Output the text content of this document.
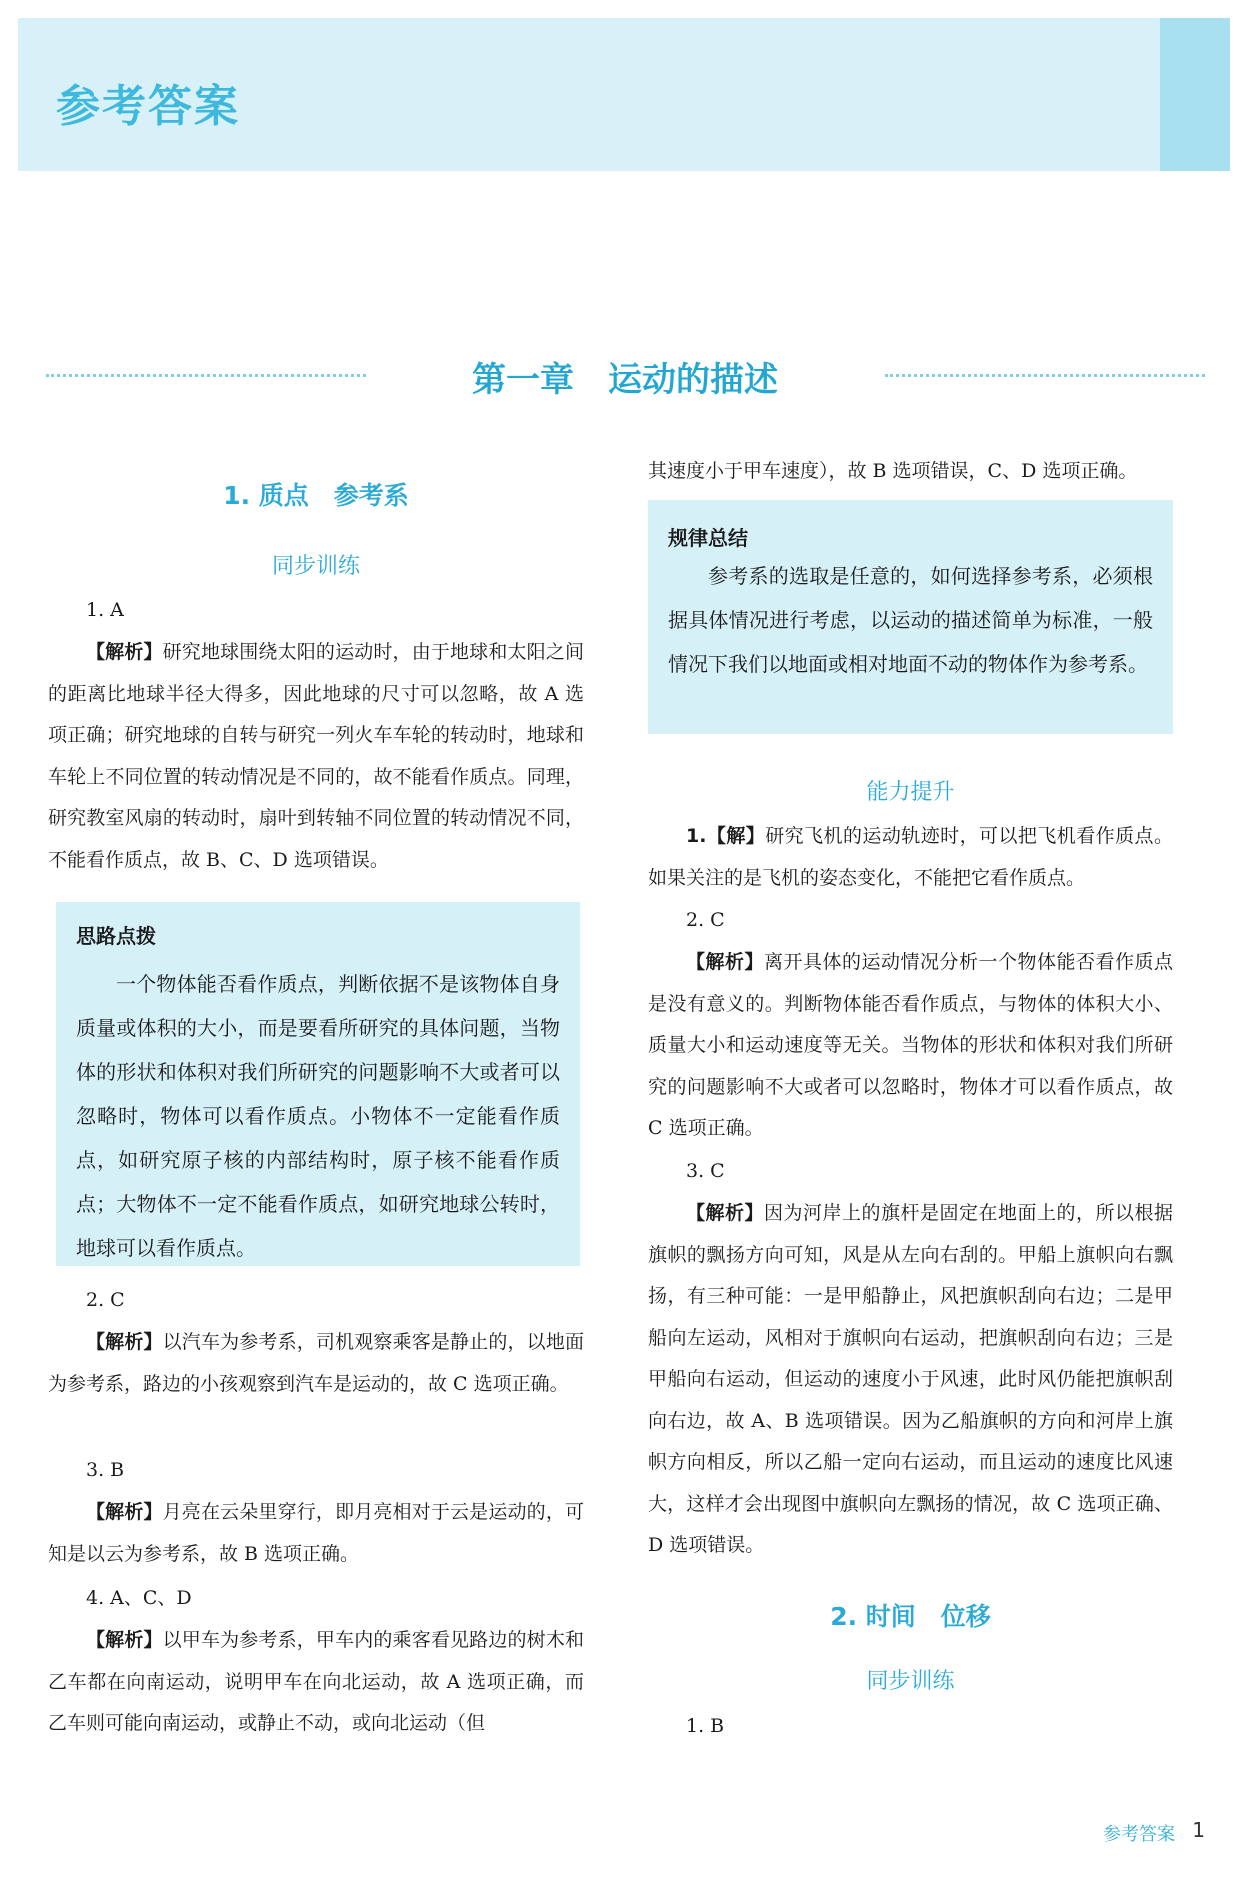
参考答案
第一章　运动的描述
1. 质点　参考系
同步训练
1. A
【解析】研究地球围绕太阳的运动时，由于地球和太阳之间的距离比地球半径大得多，因此地球的尺寸可以忽略，故 A 选项正确；研究地球的自转与研究一列火车车轮的转动时，地球和车轮上不同位置的转动情况是不同的，故不能看作质点。同理，研究教室风扇的转动时，扇叶到转轴不同位置的转动情况不同，不能看作质点，故 B、C、D 选项错误。
思路点拨
一个物体能否看作质点，判断依据不是该物体自身质量或体积的大小，而是要看所研究的具体问题，当物体的形状和体积对我们所研究的问题影响不大或者可以忽略时，物体可以看作质点。小物体不一定能看作质点，如研究原子核的内部结构时，原子核不能看作质点；大物体不一定不能看作质点，如研究地球公转时，地球可以看作质点。
2. C
【解析】以汽车为参考系，司机观察乘客是静止的，以地面为参考系，路边的小孩观察到汽车是运动的，故 C 选项正确。
3. B
【解析】月亮在云朵里穿行，即月亮相对于云是运动的，可知是以云为参考系，故 B 选项正确。
4. A、C、D
【解析】以甲车为参考系，甲车内的乘客看见路边的树木和乙车都在向南运动，说明甲车在向北运动，故 A 选项正确，而乙车则可能向南运动，或静止不动，或向北运动（但
其速度小于甲车速度），故 B 选项错误，C、D 选项正确。
规律总结
参考系的选取是任意的，如何选择参考系，必须根据具体情况进行考虑，以运动的描述简单为标准，一般情况下我们以地面或相对地面不动的物体作为参考系。
能力提升
1.【解】研究飞机的运动轨迹时，可以把飞机看作质点。如果关注的是飞机的姿态变化，不能把它看作质点。
2. C
【解析】离开具体的运动情况分析一个物体能否看作质点是没有意义的。判断物体能否看作质点，与物体的体积大小、质量大小和运动速度等无关。当物体的形状和体积对我们所研究的问题影响不大或者可以忽略时，物体才可以看作质点，故 C 选项正确。
3. C
【解析】因为河岸上的旗杆是固定在地面上的，所以根据旗帜的飘扬方向可知，风是从左向右刮的。甲船上旗帜向右飘扬，有三种可能：一是甲船静止，风把旗帜刮向右边；二是甲船向左运动，风相对于旗帜向右运动，把旗帜刮向右边；三是甲船向右运动，但运动的速度小于风速，此时风仍能把旗帜刮向右边，故 A、B 选项错误。因为乙船旗帜的方向和河岸上旗帜方向相反，所以乙船一定向右运动，而且运动的速度比风速大，这样才会出现图中旗帜向左飘扬的情况，故 C 选项正确、D 选项错误。
2. 时间　位移
同步训练
1. B
参考答案 1
